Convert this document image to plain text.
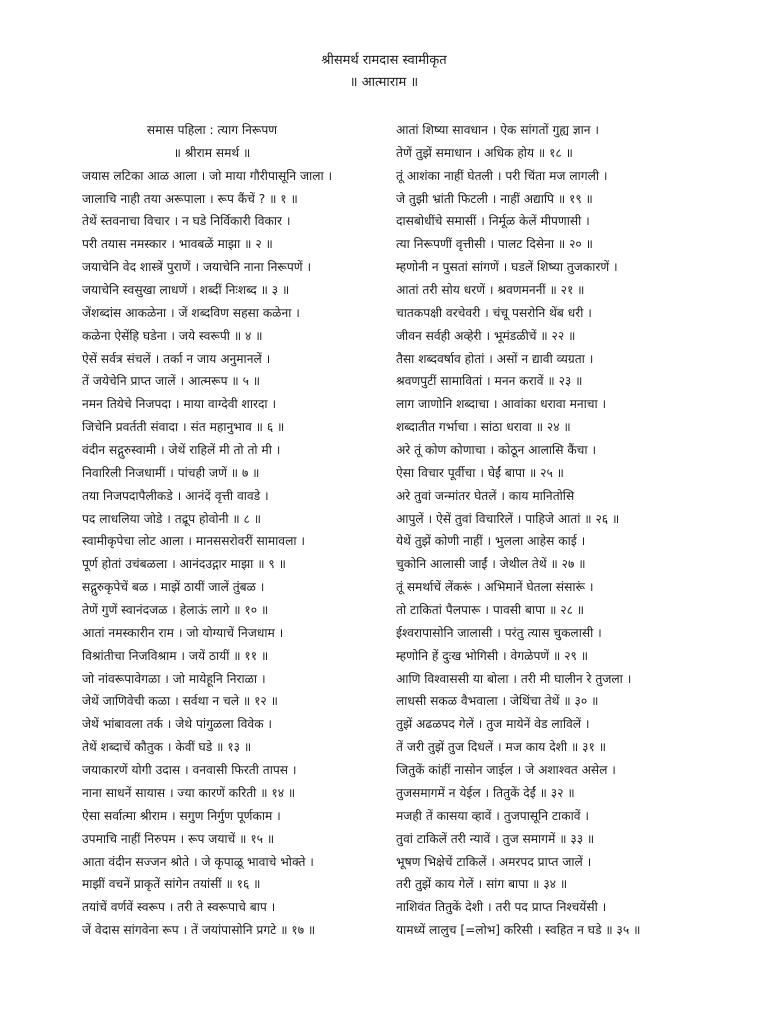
श्रीसमर्थ रामदास स्वामीकृत
॥ आत्माराम ॥
समास पहिला : त्याग निरूपण
॥ श्रीराम समर्थ ॥
जयास लटिका आळ आला । जो माया गौरीपासूनि जाला ।
जालाचि नाही तया अरूपाला । रूप कैंचें ? ॥ १ ॥
तेथें स्तवनाचा विचार । न घडे निर्विकारी विकार ।
परी तयास नमस्कार । भावबळें माझा ॥ २ ॥
जयाचेनि वेद शास्त्रें पुराणें । जयाचेनि नाना निरूपणें ।
जयाचेनि स्वसुखा लाधणें । शब्दीं निःशब्द ॥ ३ ॥
जेंशब्दांस आकळेना । जें शब्दविण सहसा कळेना ।
कळेना ऐसेंहि घडेना । जये स्वरूपी ॥ ४ ॥
ऐसें सर्वत्र संचलें । तर्का न जाय अनुमानलें ।
तें जयेचेनि प्राप्त जालें । आत्मरूप ॥ ५ ॥
नमन तियेचे निजपदा । माया वाग्देवी शारदा ।
जिचेनि प्रवर्तती संवादा । संत महानुभाव ॥ ६ ॥
वंदीन सद्गुरुस्वामी । जेथें राहिलें मी तो तो मी ।
निवारिली निजधामीं । पांचही जणें ॥ ७ ॥
तया निजपदापैलीकडे । आनंदें वृत्ती वावडे ।
पद लाधलिया जोडे । तद्रूप होवोनी ॥ ८ ॥
स्वामीकृपेचा लोट आला । मानससरोवरीं सामावला ।
पूर्ण होतां उचंबळला । आनंदउद्गार माझा ॥ ९ ॥
सद्गुरुकृपेचें बळ । माझें ठायीं जालें तुंबळ ।
तेणें गुणें स्वानंदजळ । हेलाऊं लागे ॥ १० ॥
आतां नमस्कारीन राम । जो योग्याचें निजधाम ।
विश्रांतीचा निजविश्राम । जयें ठायीं ॥ ११ ॥
जो नांवरूपावेगळा । जो मायेहूनि निराळा ।
जेथें जाणिवेची कळा । सर्वथा न चले ॥ १२ ॥
जेथें भांबावला तर्क । जेथे पांगुळला विवेक ।
तेथें शब्दाचें कौतुक । केवीं घडे ॥ १३ ॥
जयाकारणें योगी उदास । वनवासी फिरती तापस ।
नाना साधनें सायास । ज्या कारणें करिती ॥ १४ ॥
ऐसा सर्वात्मा श्रीराम । सगुण निर्गुण पूर्णकाम ।
उपमाचि नाहीं निरुपम । रूप जयाचें ॥ १५ ॥
आता वंदीन सज्जन श्रोते । जे कृपाळू भावाचे भोक्ते ।
माझीं वचनें प्राकृतें सांगेन तयांसीं ॥ १६ ॥
तयांचें वर्णवें स्वरूप । तरी ते स्वरूपाचे बाप ।
जें वेदास सांगवेना रूप । तें जयांपासोनि प्रगटे ॥ १७ ॥
आतां शिष्या सावधान । ऐक सांगतों गुह्य ज्ञान ।
तेणें तुझें समाधान । अधिक होय ॥ १८ ॥
तूं आशंका नाहीं घेतली । परी चिंता मज लागली ।
जे तुझी भ्रांती फिटली । नाहीं अद्यापि ॥ १९ ॥
दासबोधींचे समासीं । निर्मूळ केलें मीपणासी ।
त्या निरूपणीं वृत्तीसी । पालट दिसेना ॥ २० ॥
म्हणोनी न पुसतां सांगणें । घडलें शिष्या तुजकारणें ।
आतां तरी सोय धरणें । श्रवणमननीं ॥ २१ ॥
चातकपक्षी वरचेवरी । चंचू पसरोनि थेंब धरी ।
जीवन सर्वही अव्हेरी । भूमंडळीचें ॥ २२ ॥
तैसा शब्दवर्षाव होतां । असों न द्यावी व्यग्रता ।
श्रवणपुटीं सामावितां । मनन करावें ॥ २३ ॥
लाग जाणोनि शब्दाचा । आवांका धरावा मनाचा ।
शब्दातीत गर्भाचा । सांठा धरावा ॥ २४ ॥
अरे तूं कोण कोणाचा । कोठून आलासि कैंचा ।
ऐसा विचार पूर्वीचा । घेईं बापा ॥ २५ ॥
अरे तुवां जन्मांतर घेतलें । काय मानितोसि
आपुलें । ऐसें तुवां विचारिलें । पाहिजे आतां ॥ २६ ॥
येथें तुझें कोणी नाहीं । भुलला आहेस काई ।
चुकोनि आलासी जाईं । जेथील तेथें ॥ २७ ॥
तूं समर्थाचें लेंकरूं । अभिमानें घेतला संसारूं ।
तो टाकितां पैलपारू । पावसी बापा ॥ २८ ॥
ईश्वरापासोनि जालासी । परंतु त्यास चुकलासी ।
म्हणोनि हें दुःख भोगिसी । वेगळेपणें ॥ २९ ॥
आणि विश्वाससी या बोला । तरी मी घालीन रे तुजला ।
लाधसी सकळ वैभवाला । जेथिंचा तेथें ॥ ३० ॥
तुझें अढळपद गेलें । तुज मायेनें वेड लाविलें ।
तें जरी तुझें तुज दिधलें । मज काय देशी ॥ ३१ ॥
जितुकें कांहीं नासोन जाईल । जे अशाश्वत असेल ।
तुजसमागमें न येईल । तितुकें देईं ॥ ३२ ॥
मजही तें कासया व्हावें । तुजपासूनि टाकावें ।
तुवां टाकिलें तरी न्यावें । तुज समागमें ॥ ३३ ॥
भूषण भिक्षेचें टाकिलें । अमरपद प्राप्त जालें ।
तरी तुझें काय गेलें । सांग बापा ॥ ३४ ॥
नाशिवंत तितुकें देशी । तरी पद प्राप्त निश्चयेंसी ।
यामध्यें लालुच [=लोभ] करिसी । स्वहित न घडे ॥ ३५ ॥
